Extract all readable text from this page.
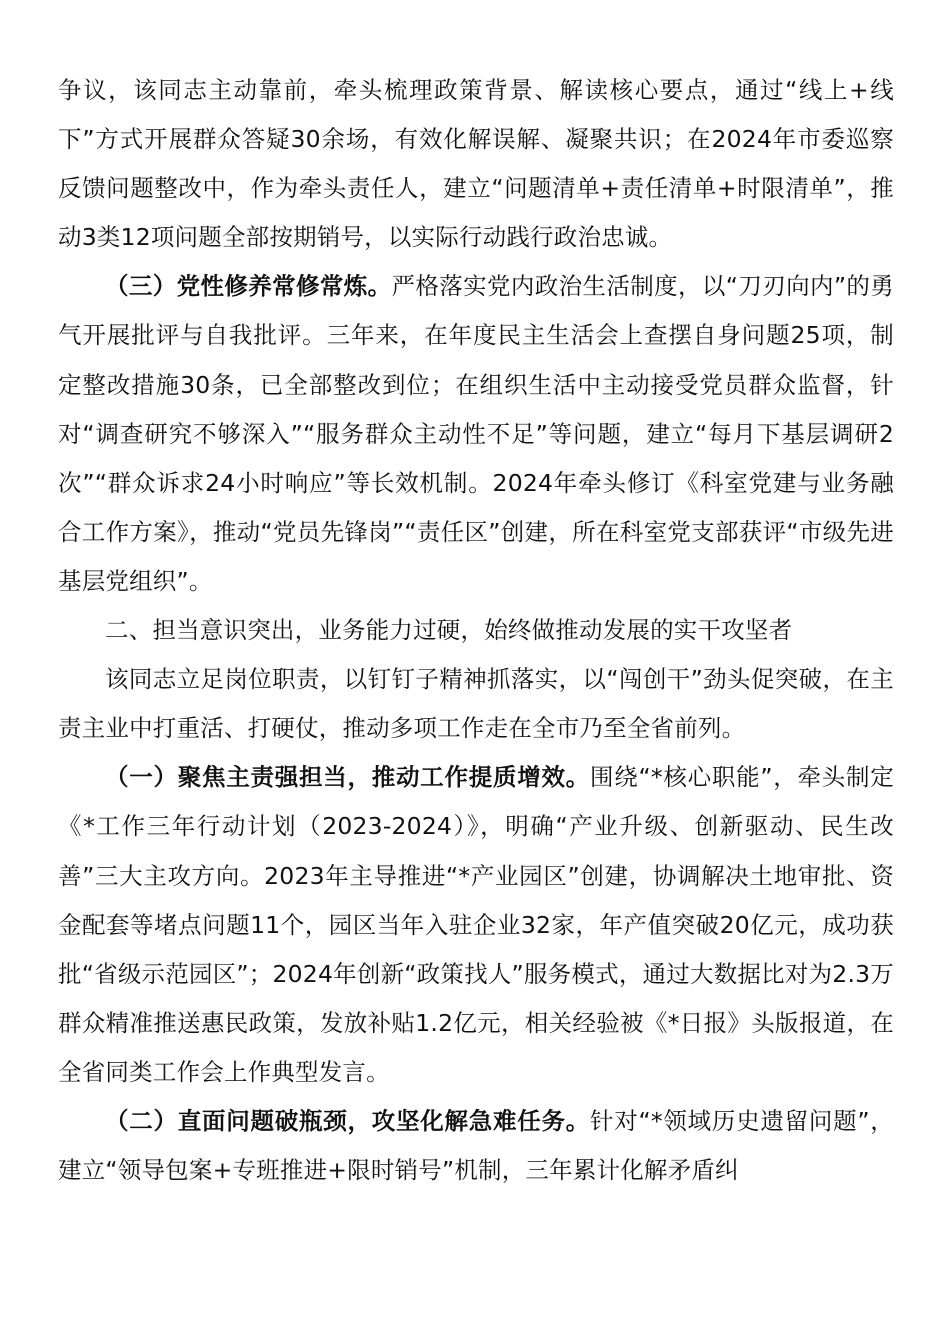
争议，该同志主动靠前，牵头梳理政策背景、解读核心要点，通过“线上+线下”方式开展群众答疑30余场，有效化解误解、凝聚共识；在2024年市委巡察反馈问题整改中，作为牵头责任人，建立“问题清单+责任清单+时限清单”，推动3类12项问题全部按期销号，以实际行动践行政治忠诚。

（三）党性修养常修常炼。严格落实党内政治生活制度，以“刀刃向内”的勇气开展批评与自我批评。三年来，在年度民主生活会上查摆自身问题25项，制定整改措施30条，已全部整改到位；在组织生活中主动接受党员群众监督，针对“调查研究不够深入”“服务群众主动性不足”等问题，建立“每月下基层调研2次”“群众诉求24小时响应”等长效机制。2024年牵头修订《科室党建与业务融合工作方案》，推动“党员先锋岗”“责任区”创建，所在科室党支部获评“市级先进基层党组织”。

二、担当意识突出，业务能力过硬，始终做推动发展的实干攻坚者

该同志立足岗位职责，以钉钉子精神抓落实，以“闯创干”劲头促突破，在主责主业中打重活、打硬仗，推动多项工作走在全市乃至全省前列。

（一）聚焦主责强担当，推动工作提质增效。围绕“*核心职能”，牵头制定《*工作三年行动计划（2023-2024）》，明确“产业升级、创新驱动、民生改善”三大主攻方向。2023年主导推进“*产业园区”创建，协调解决土地审批、资金配套等堵点问题11个，园区当年入驻企业32家，年产值突破20亿元，成功获批“省级示范园区”；2024年创新“政策找人”服务模式，通过大数据比对为2.3万群众精准推送惠民政策，发放补贴1.2亿元，相关经验被《*日报》头版报道，在全省同类工作会上作典型发言。

（二）直面问题破瓶颈，攻坚化解急难任务。针对“*领域历史遗留问题”，建立“领导包案+专班推进+限时销号”机制，三年累计化解矛盾纠
